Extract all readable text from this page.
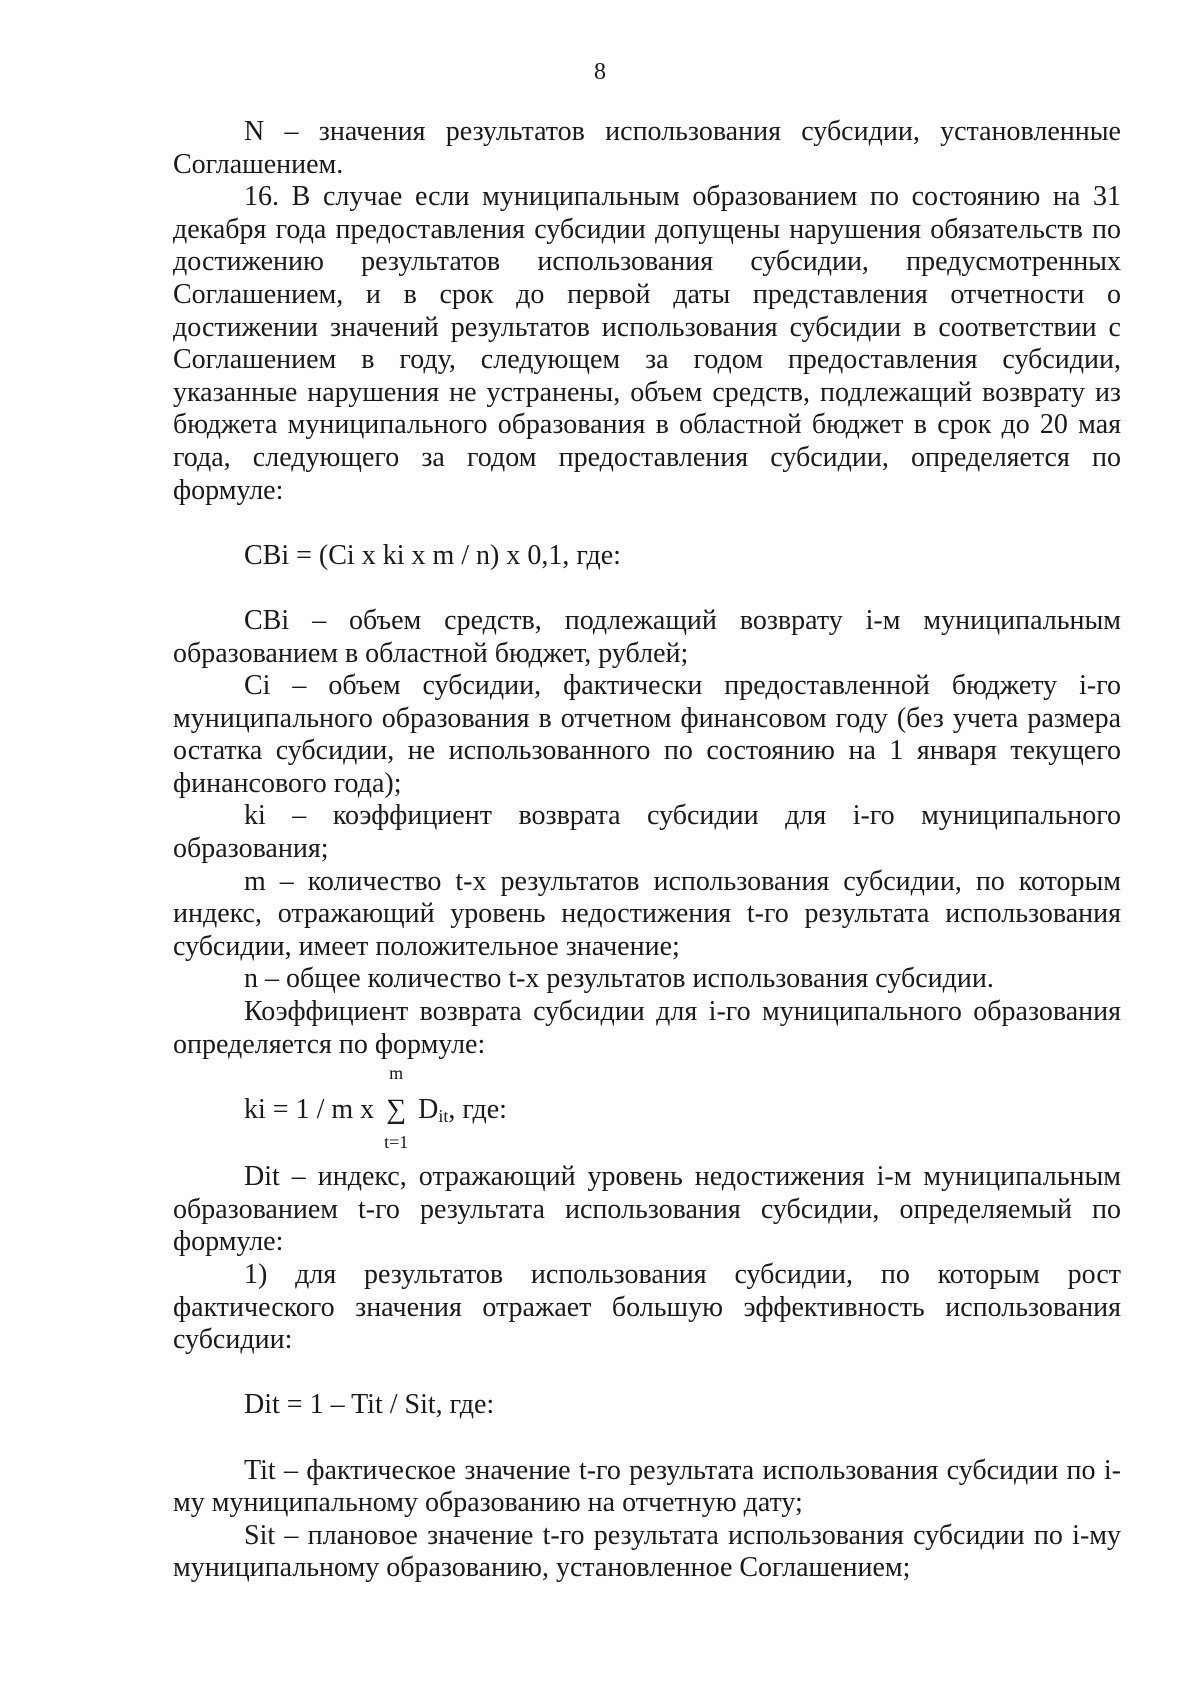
8

N – значения результатов использования субсидии, установленные Соглашением.

16. В случае если муниципальным образованием по состоянию на 31 декабря года предоставления субсидии допущены нарушения обязательств по достижению результатов использования субсидии, предусмотренных Соглашением, и в срок до первой даты представления отчетности о достижении значений результатов использования субсидии в соответствии с Соглашением в году, следующем за годом предоставления субсидии, указанные нарушения не устранены, объем средств, подлежащий возврату из бюджета муниципального образования в областной бюджет в срок до 20 мая года, следующего за годом предоставления субсидии, определяется по формуле:

CBi = (Ci x ki x m / n) x 0,1, где:

CBi – объем средств, подлежащий возврату i-м муниципальным образованием в областной бюджет, рублей;

Ci – объем субсидии, фактически предоставленной бюджету i-го муниципального образования в отчетном финансовом году (без учета размера остатка субсидии, не использованного по состоянию на 1 января текущего финансового года);

ki – коэффициент возврата субсидии для i-го муниципального образования;

m – количество t-х результатов использования субсидии, по которым индекс, отражающий уровень недостижения t-го результата использования субсидии, имеет положительное значение;

n – общее количество t-х результатов использования субсидии.

Коэффициент возврата субсидии для i-го муниципального образования определяется по формуле:

ki = 1 / m x
m
∑
t=1
$D_{it}$, где:

Dit – индекс, отражающий уровень недостижения i-м муниципальным образованием t-го результата использования субсидии, определяемый по формуле:

1) для результатов использования субсидии, по которым рост фактического значения отражает большую эффективность использования субсидии:

Dit = 1 – Tit / Sit, где:

Tit – фактическое значение t-го результата использования субсидии по i-му муниципальному образованию на отчетную дату;

Sit – плановое значение t-го результата использования субсидии по i-му муниципальному образованию, установленное Соглашением;
